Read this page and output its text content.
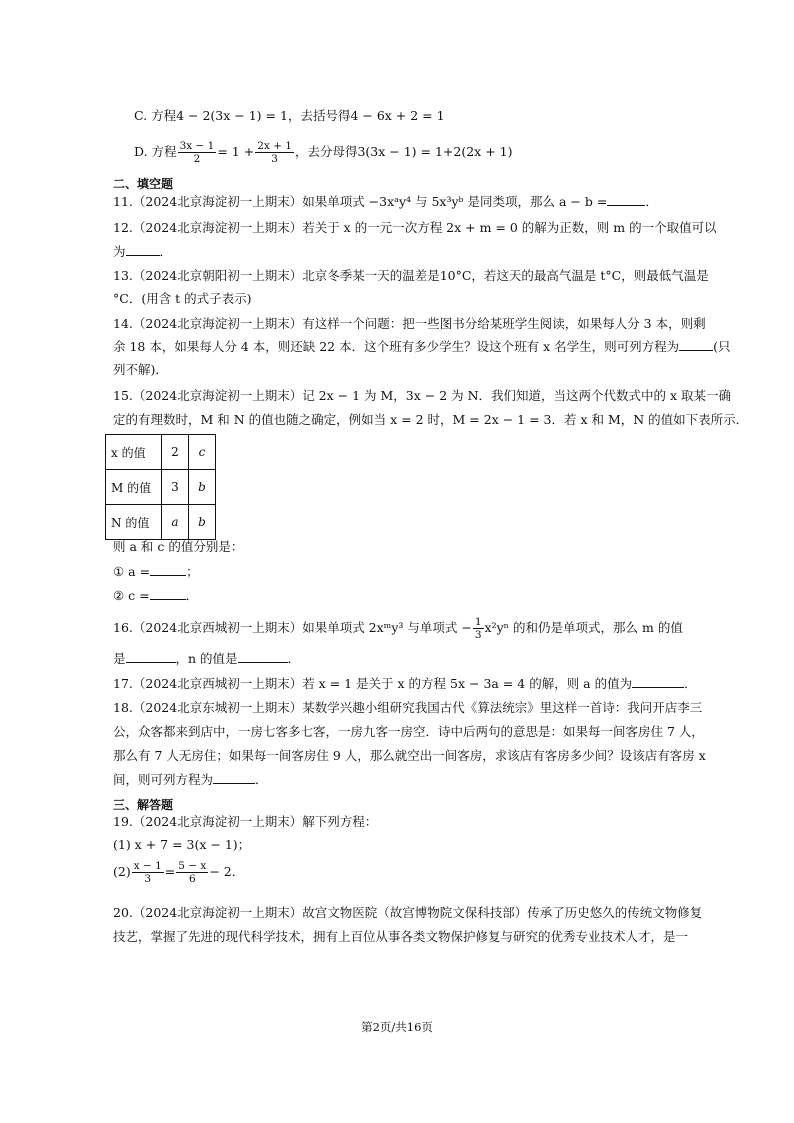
C. 方程4 − 2(3x − 1) = 1，去括号得4 − 6x + 2 = 1
D. 方程 $\frac{3x - 1}{2} = 1 + \frac{2x + 1}{3}$ ，去分母得3(3x − 1) = 1+2(2x + 1)
二、填空题
11.（2024北京海淀初一上期末）如果单项式 −3xᵃy⁴ 与 5x³yᵇ 是同类项，那么 a − b =	．
12.（2024北京海淀初一上期末）若关于 x 的一元一次方程 2x + m = 0 的解为正数，则 m 的一个取值可以
为	．
13.（2024北京朝阳初一上期末）北京冬季某一天的温差是10°C，若这天的最高气温是 t°C，则最低气温是
°C．(用含 t 的式子表示)
14.（2024北京海淀初一上期末）有这样一个问题：把一些图书分给某班学生阅读，如果每人分 3 本，则剩
余 18 本，如果每人分 4 本，则还缺 22 本．这个班有多少学生？设这个班有 x 名学生，则可列方程为	(只
列不解)．
15.（2024北京海淀初一上期末）记 2x − 1 为 M，3x − 2 为 N．我们知道，当这两个代数式中的 x 取某一确
定的有理数时，M 和 N 的值也随之确定，例如当 x = 2 时，M = 2x − 1 = 3．若 x 和 M，N 的值如下表所示．
x 的值	2	c
M 的值	3	b
N 的值	a	b
则 a 和 c 的值分别是：
① a =	；
② c =	．
16.（2024北京西城初一上期末）如果单项式 2xᵐy³ 与单项式 − $\frac{1}{3} x^2y^n$ 的和仍是单项式，那么 m 的值
是	，n 的值是	．
17.（2024北京西城初一上期末）若 x = 1 是关于 x 的方程 5x − 3a = 4 的解，则 a 的值为	．
18.（2024北京东城初一上期末）某数学兴趣小组研究我国古代《算法统宗》里这样一首诗：我问开店李三
公，众客都来到店中，一房七客多七客，一房九客一房空．诗中后两句的意思是：如果每一间客房住 7 人，
那么有 7 人无房住；如果每一间客房住 9 人，那么就空出一间客房，求该店有客房多少间？设该店有客房 x
间，则可列方程为	．
三、解答题
19.（2024北京海淀初一上期末）解下列方程：
(1) x + 7 = 3(x − 1)；
$(2) \frac{x - 1}{3} = \frac{5 - x}{6} - 2$．
20.（2024北京海淀初一上期末）故宫文物医院（故宫博物院文保科技部）传承了历史悠久的传统文物修复
技艺，掌握了先进的现代科学技术，拥有上百位从事各类文物保护修复与研究的优秀专业技术人才，是一
第2页/共16页
